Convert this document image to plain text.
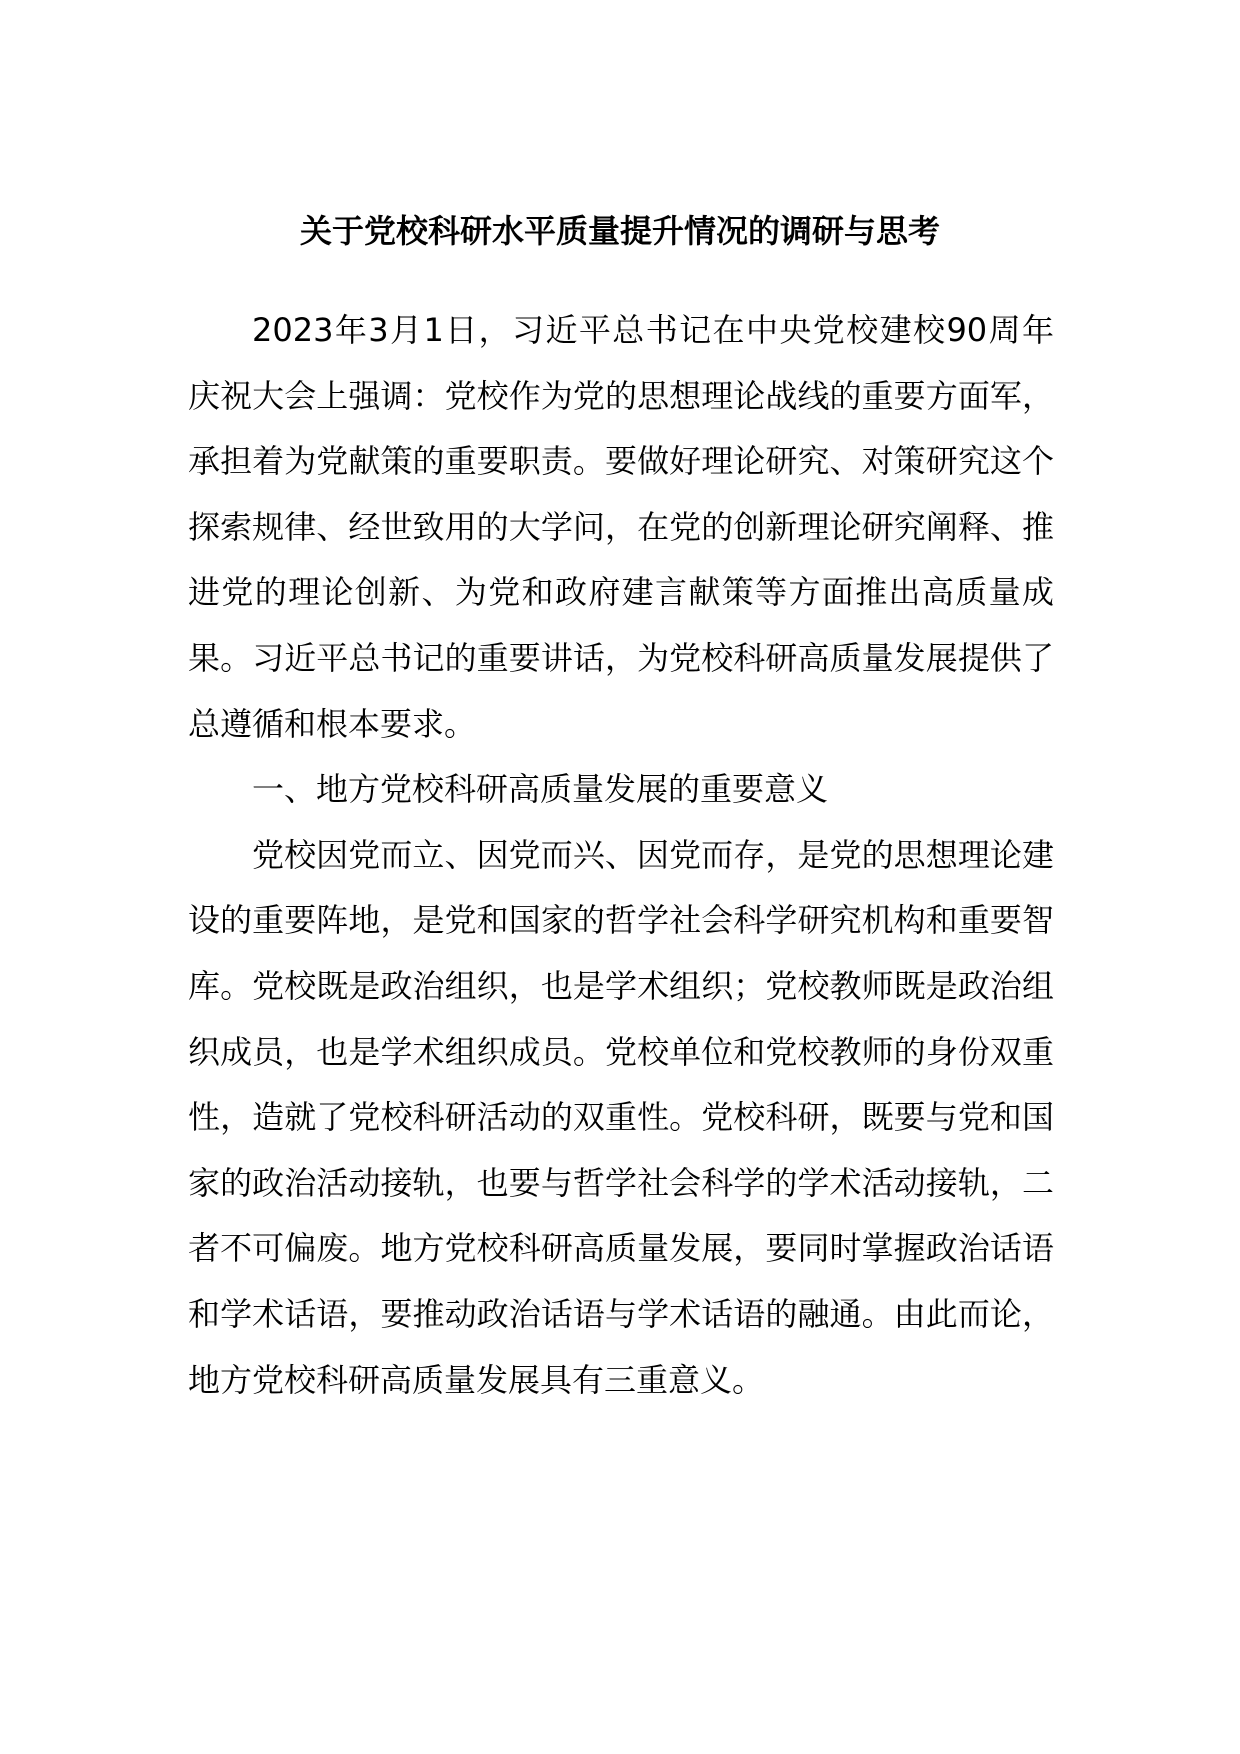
关于党校科研水平质量提升情况的调研与思考

2023年3月1日，习近平总书记在中央党校建校90周年庆祝大会上强调：党校作为党的思想理论战线的重要方面军，承担着为党献策的重要职责。要做好理论研究、对策研究这个探索规律、经世致用的大学问，在党的创新理论研究阐释、推进党的理论创新、为党和政府建言献策等方面推出高质量成果。习近平总书记的重要讲话，为党校科研高质量发展提供了总遵循和根本要求。

一、地方党校科研高质量发展的重要意义

党校因党而立、因党而兴、因党而存，是党的思想理论建设的重要阵地，是党和国家的哲学社会科学研究机构和重要智库。党校既是政治组织，也是学术组织；党校教师既是政治组织成员，也是学术组织成员。党校单位和党校教师的身份双重性，造就了党校科研活动的双重性。党校科研，既要与党和国家的政治活动接轨，也要与哲学社会科学的学术活动接轨，二者不可偏废。地方党校科研高质量发展，要同时掌握政治话语和学术话语，要推动政治话语与学术话语的融通。由此而论，地方党校科研高质量发展具有三重意义。
